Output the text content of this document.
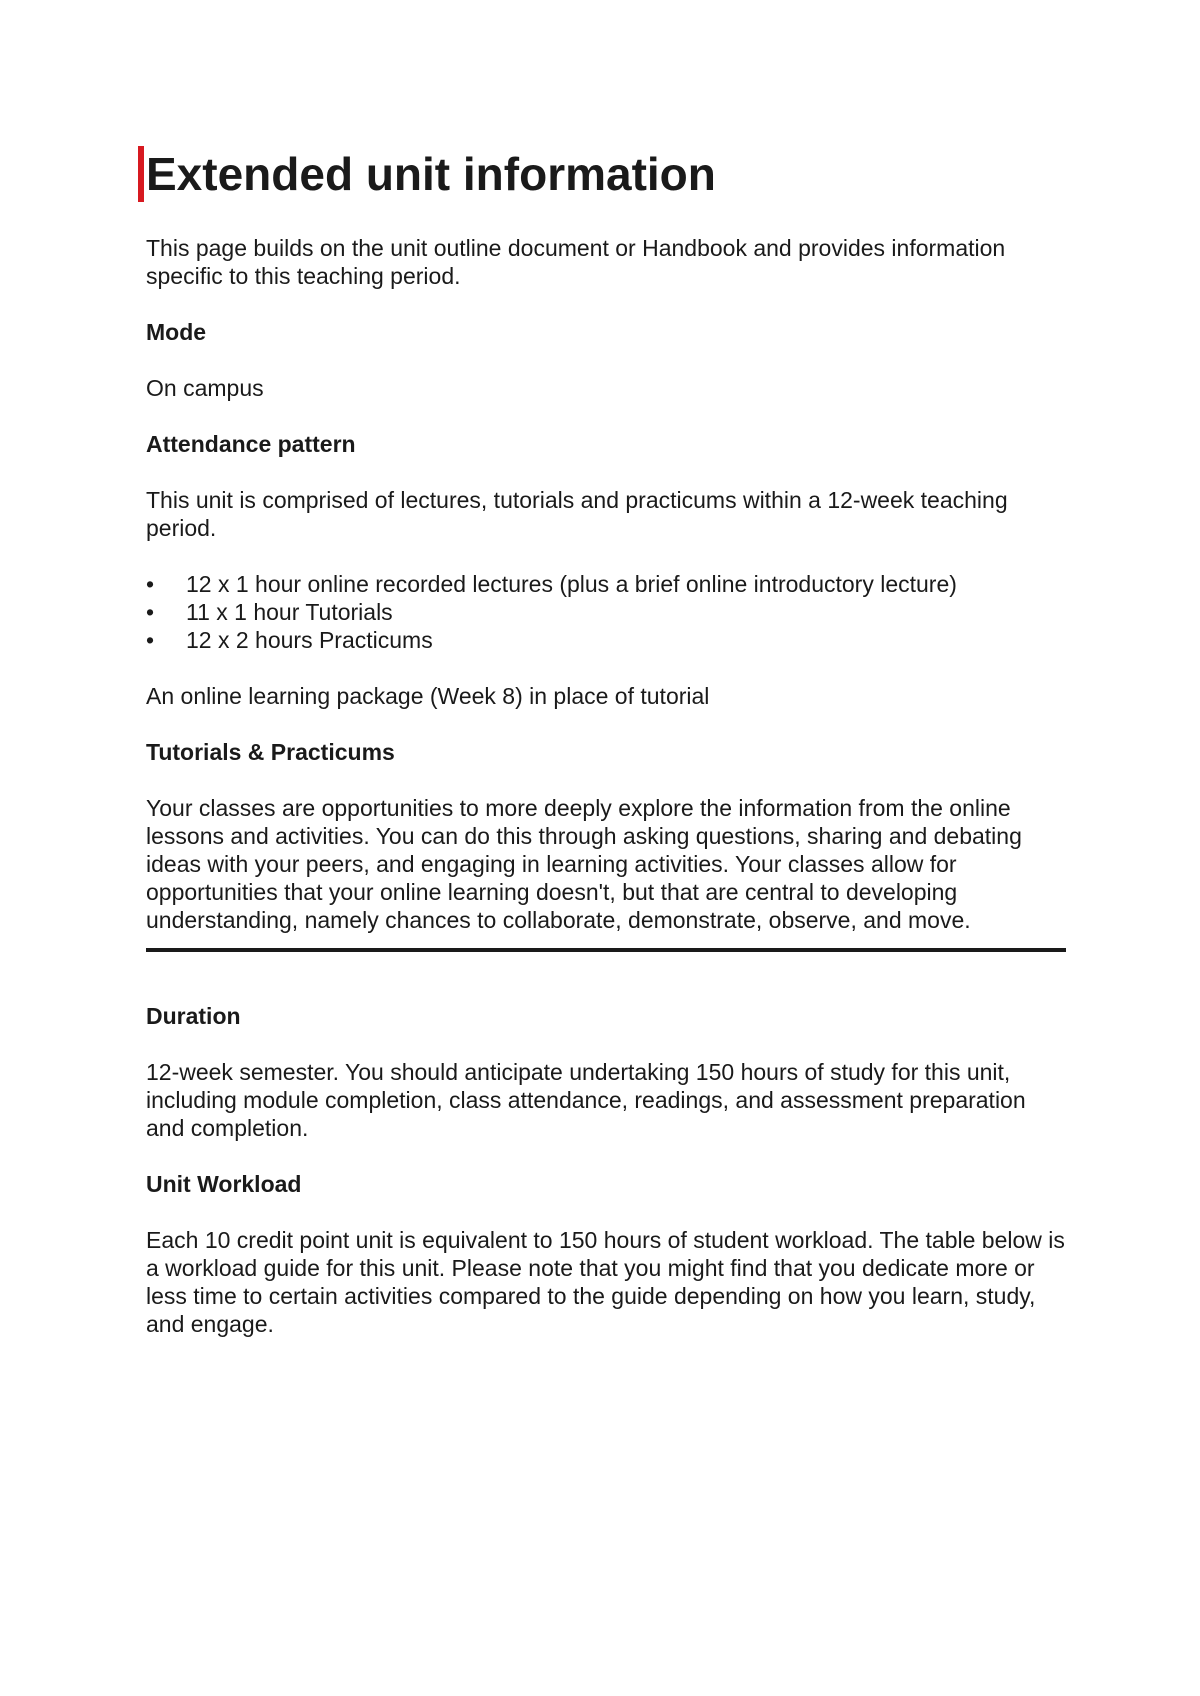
Extended unit information

This page builds on the unit outline document or Handbook and provides information specific to this teaching period.

Mode

On campus

Attendance pattern

This unit is comprised of lectures, tutorials and practicums within a 12-week teaching period.

• 12 x 1 hour online recorded lectures (plus a brief online introductory lecture)
• 11 x 1 hour Tutorials
• 12 x 2 hours Practicums

An online learning package (Week 8) in place of tutorial

Tutorials & Practicums

Your classes are opportunities to more deeply explore the information from the online lessons and activities. You can do this through asking questions, sharing and debating ideas with your peers, and engaging in learning activities. Your classes allow for opportunities that your online learning doesn't, but that are central to developing understanding, namely chances to collaborate, demonstrate, observe, and move.

Duration

12-week semester. You should anticipate undertaking 150 hours of study for this unit,

including module completion, class attendance, readings, and assessment preparation and completion.

Unit Workload

Each 10 credit point unit is equivalent to 150 hours of student workload. The table below is a workload guide for this unit. Please note that you might find that you dedicate more or less time to certain activities compared to the guide depending on how you learn, study, and engage.
